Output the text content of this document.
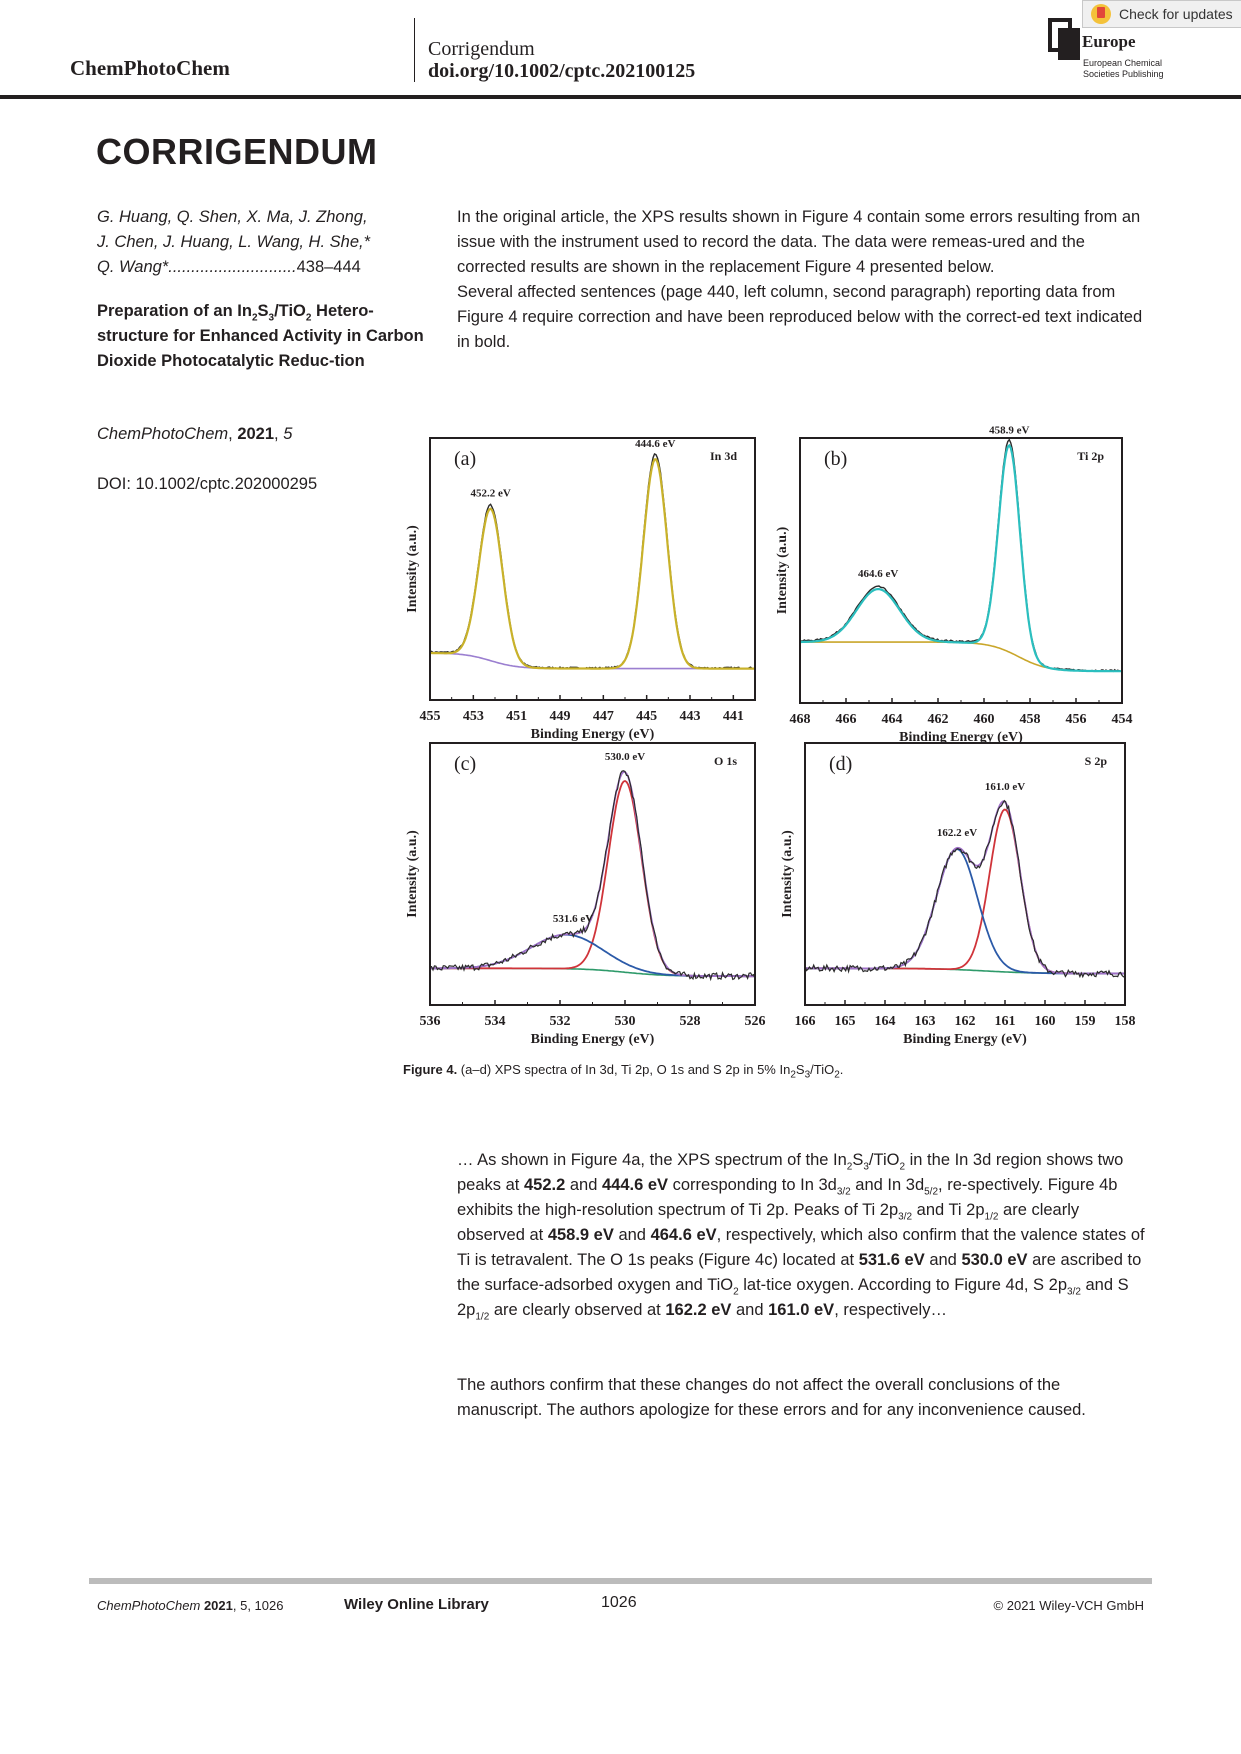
ChemPhotoChem
Corrigendum
doi.org/10.1002/cptc.202100125
Europe
European Chemical
Societies Publishing
Check for updates
CORRIGENDUM
G. Huang, Q. Shen, X. Ma, J. Zhong,
J. Chen, J. Huang, L. Wang, H. She,*
Q. Wang*............................438–444
Preparation of an $In_2S_3/TiO_2$ Hetero-structure for Enhanced Activity in Carbon Dioxide Photocatalytic Reduc-tion
ChemPhotoChem, 2021, 5
DOI: 10.1002/cptc.202000295
In the original article, the XPS results shown in Figure 4 contain some errors resulting from an issue with the instrument used to record the data. The data were remeas-ured and the corrected results are shown in the replacement Figure 4 presented below.
Several affected sentences (page 440, left column, second paragraph) reporting data from Figure 4 require correction and have been reproduced below with the correct-ed text indicated in bold.
455 453 451 449 447 445 443 441
Binding Energy (eV)
Intensity (a.u.)
(a)	In 3d
452.2 eV
444.6 eV
468 466 464 462 460 458 456 454
Binding Energy (eV)
Intensity (a.u.)
(b)	Ti 2p
458.9 eV
464.6 eV
536	534	532	530	528	526
Binding Energy (eV)
Intensity (a.u.)
(c)	O 1s
531.6 eV
530.0 eV
166 165 164 163 162 161 160 159 158
Binding Energy (eV)
Intensity (a.u.)
(d)	S 2p
162.2 eV
161.0 eV
Figure 4. (a–d) XPS spectra of In 3d, Ti 2p, O 1s and S 2p in 5% $In_2S_3/TiO_2$.
… As shown in Figure 4a, the XPS spectrum of the $In_2S_3/TiO_2$ in the In 3d region shows two peaks at 452.2 and 444.6 eV corresponding to In $3d_{3/2}$ and In $3d_{5/2}$, re-spectively. Figure 4b exhibits the high-resolution spectrum of Ti 2p. Peaks of Ti $2p_{3/2}$ and Ti $2p_{1/2}$ are clearly observed at 458.9 eV and 464.6 eV, respectively, which also confirm that the valence states of Ti is tetravalent. The O 1s peaks (Figure 4c) located at 531.6 eV and 530.0 eV are ascribed to the surface-adsorbed oxygen and TiO$_2$ lat-tice oxygen. According to Figure 4d, S $2p_{3/2}$ and S $2p_{1/2}$ are clearly observed at 162.2 eV and 161.0 eV, respectively…
The authors confirm that these changes do not affect the overall conclusions of the manuscript. The authors apologize for these errors and for any inconvenience caused.
ChemPhotoChem 2021, 5, 1026	Wiley Online Library	1026	© 2021 Wiley-VCH GmbH
